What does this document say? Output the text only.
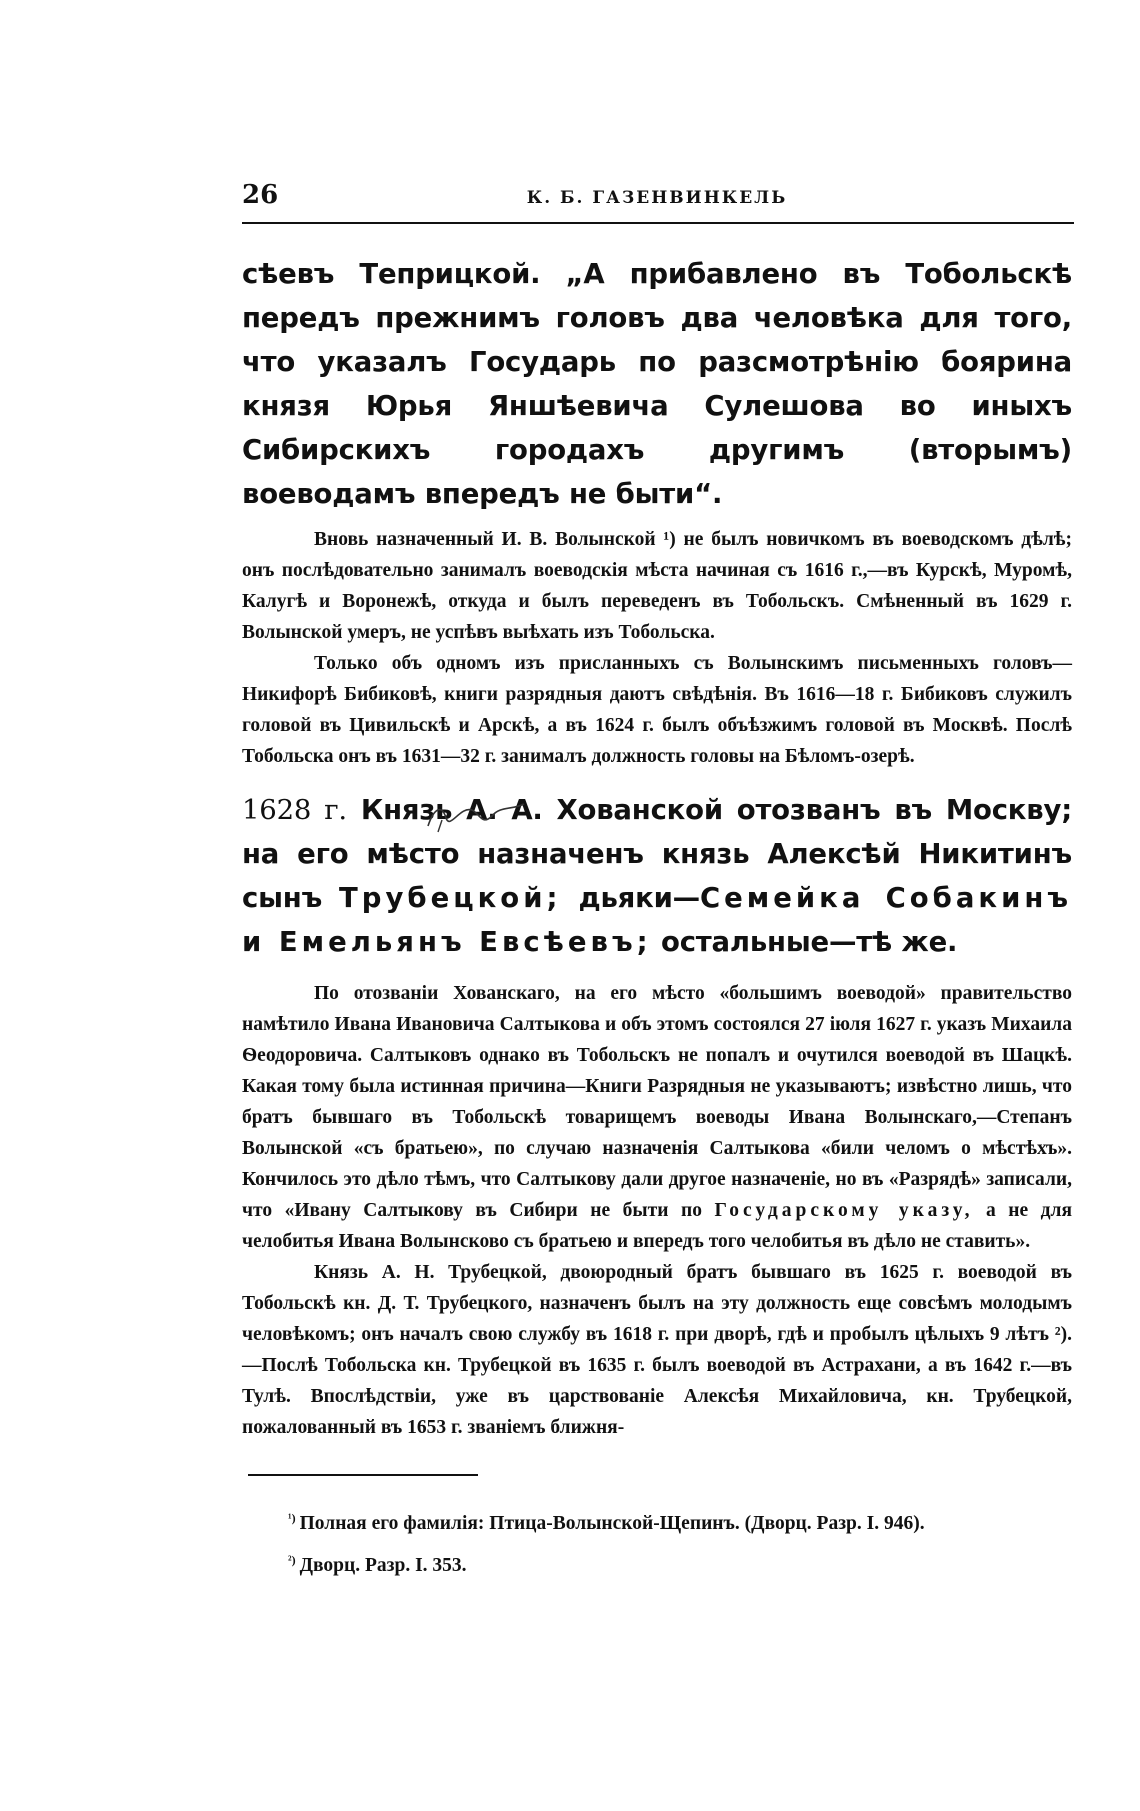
26	К. Б. ГАЗЕНВИНКЕЛЬ

сѣевъ Теприцкой. „А прибавлено въ Тобольскѣ передъ прежнимъ головъ два человѣка для того, что указалъ Государь по разсмотрѣнію боярина князя Юрья Яншѣевича Сулешова во иныхъ Сибирскихъ городахъ другимъ (вторымъ) воеводамъ впередъ не быти“.

Вновь назначенный И. В. Волынской ¹) не былъ новичкомъ въ воеводскомъ дѣлѣ; онъ послѣдовательно занималъ воеводскія мѣста начиная съ 1616 г.,—въ Курскѣ, Муромѣ, Калугѣ и Воронежѣ, откуда и былъ переведенъ въ Тобольскъ. Смѣненный въ 1629 г. Волынской умеръ, не успѣвъ выѣхать изъ Тобольска.

Только объ одномъ изъ присланныхъ съ Волынскимъ письменныхъ головъ—Никифорѣ Бибиковѣ, книги разрядныя даютъ свѣдѣнія. Въ 1616—18 г. Бибиковъ служилъ головой въ Цивильскѣ и Арскѣ, а въ 1624 г. былъ объѣзжимъ головой въ Москвѣ. Послѣ Тобольска онъ въ 1631—32 г. занималъ должность головы на Бѣломъ-озерѣ.

1628 г. Князь А. А. Хованской отозванъ въ Москву; на его мѣсто назначенъ князь Алексѣй Никитинъ сынъ Трубецкой; дьяки—Семейка Собакинъ и Емельянъ Евсѣевъ; остальные—тѣ же.

По отозваніи Хованскаго, на его мѣсто «большимъ воеводой» правительство намѣтило Ивана Ивановича Салтыкова и объ этомъ состоялся 27 іюля 1627 г. указъ Михаила Ѳеодоровича. Салтыковъ однако въ Тобольскъ не попалъ и очутился воеводой въ Шацкѣ. Какая тому была истинная причина—Книги Разрядныя не указываютъ; извѣстно лишь, что братъ бывшаго въ Тобольскѣ товарищемъ воеводы Ивана Волынскаго,—Степанъ Волынской «съ братьею», по случаю назначенія Салтыкова «били челомъ о мѣстѣхъ». Кончилось это дѣло тѣмъ, что Салтыкову дали другое назначеніе, но въ «Разрядѣ» записали, что «Ивану Салтыкову въ Сибири не быти по Государскому указу, а не для челобитья Ивана Волынсково съ братьею и впередъ того челобитья въ дѣло не ставить».

Князь А. Н. Трубецкой, двоюродный братъ бывшаго въ 1625 г. воеводой въ Тобольскѣ кн. Д. Т. Трубецкого, назначенъ былъ на эту должность еще совсѣмъ молодымъ человѣкомъ; онъ началъ свою службу въ 1618 г. при дворѣ, гдѣ и пробылъ цѣлыхъ 9 лѣтъ ²).—Послѣ Тобольска кн. Трубецкой въ 1635 г. былъ воеводой въ Астрахани, а въ 1642 г.—въ Тулѣ. Впослѣдствіи, уже въ царствованіе Алексѣя Михайловича, кн. Трубецкой, пожалованный въ 1653 г. званіемъ ближня-

$^{^1)}$ Полная его фамилія: Птица-Волынской-Щепинъ. (Дворц. Разр. I. 946).

$^{^2)}$ Дворц. Разр. I. 353.
